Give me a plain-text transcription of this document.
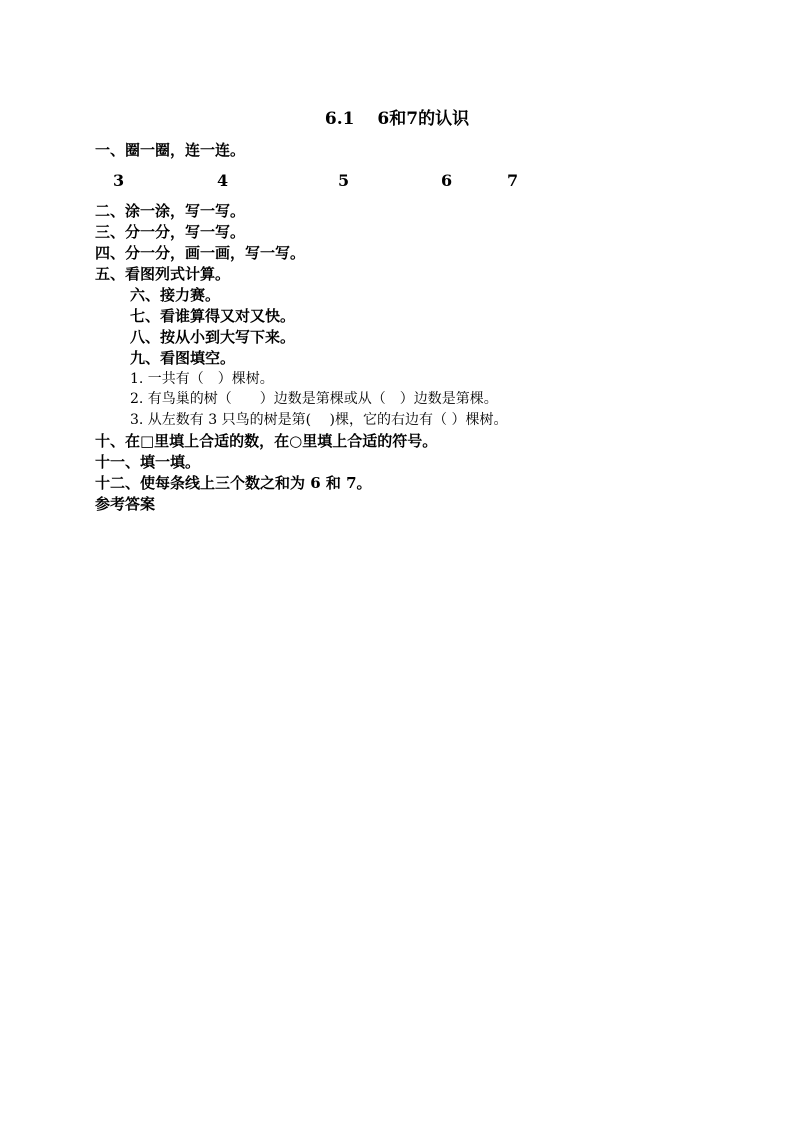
6.1　 6和7的认识
一、圈一圈，连一连。
3	4	5	6	7
二、涂一涂，写一写。
三、分一分，写一写。
四、分一分，画一画，写一写。
五、看图列式计算。
六、接力赛。
七、看谁算得又对又快。
八、按从小到大写下来。
九、看图填空。
1. 一共有（　）棵树。
2. 有鸟巢的树（　　）边数是第棵或从（　）边数是第棵。
3. 从左数有 3 只鸟的树是第(　 )棵，它的右边有（ ）棵树。
十、在□里填上合适的数，在○里填上合适的符号。
十一、填一填。
十二、使每条线上三个数之和为 6 和 7。
参考答案
